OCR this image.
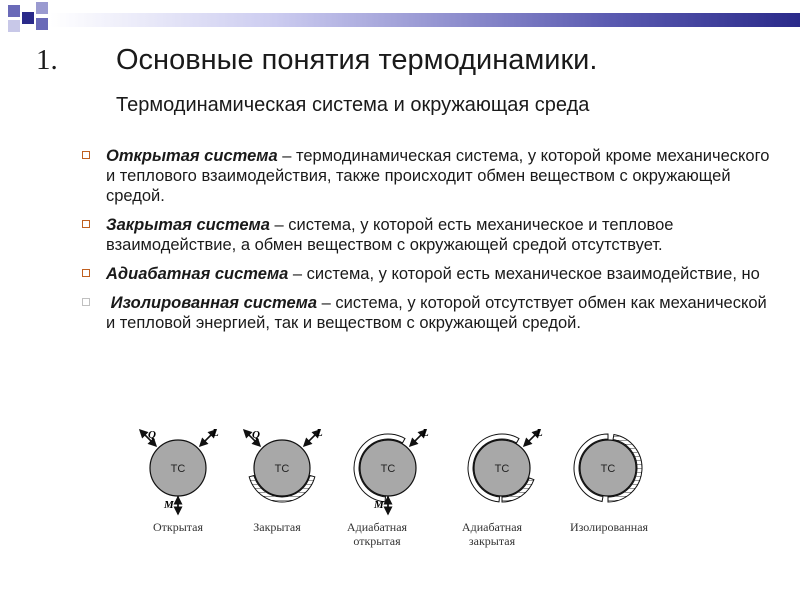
1. Основные понятия термодинамики.
Термодинамическая система и окружающая среда
Открытая система – термодинамическая система, у которой кроме механического и теплового взаимодействия, также происходит обмен веществом с окружающей средой.
Закрытая система – система, у которой есть механическое и тепловое взаимодействие, а обмен веществом с окружающей средой отсутствует.
Адиабатная система – система, у которой есть механическое взаимодействие, но
Изолированная система – система, у которой отсутствует обмен как механической и тепловой энергией, так и веществом с окружающей средой.
ТС
Q	L
M
ТС
Q	L
ТС
L
M
ТС
L
ТС
Открытая	Закрытая	Адиабатная открытая
Адиабатная закрытая
Изолированная
